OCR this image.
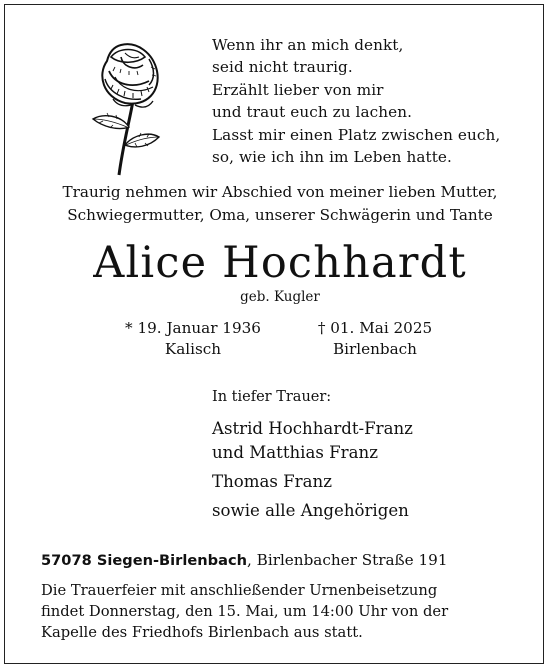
Wenn ihr an mich denkt,
seid nicht traurig.
Erzählt lieber von mir
und traut euch zu lachen.
Lasst mir einen Platz zwischen euch,
so, wie ich ihn im Leben hatte.
Traurig nehmen wir Abschied von meiner lieben Mutter,
Schwiegermutter, Oma, unserer Schwägerin und Tante
Alice Hochhardt
geb. Kugler
* 19. Januar 1936
Kalisch
† 01. Mai 2025
Birlenbach
In tiefer Trauer:
Astrid Hochhardt-Franz
und Matthias Franz
Thomas Franz
sowie alle Angehörigen
57078 Siegen-Birlenbach, Birlenbacher Straße 191
Die Trauerfeier mit anschließender Urnenbeisetzung
findet Donnerstag, den 15. Mai, um 14:00 Uhr von der
Kapelle des Friedhofs Birlenbach aus statt.
